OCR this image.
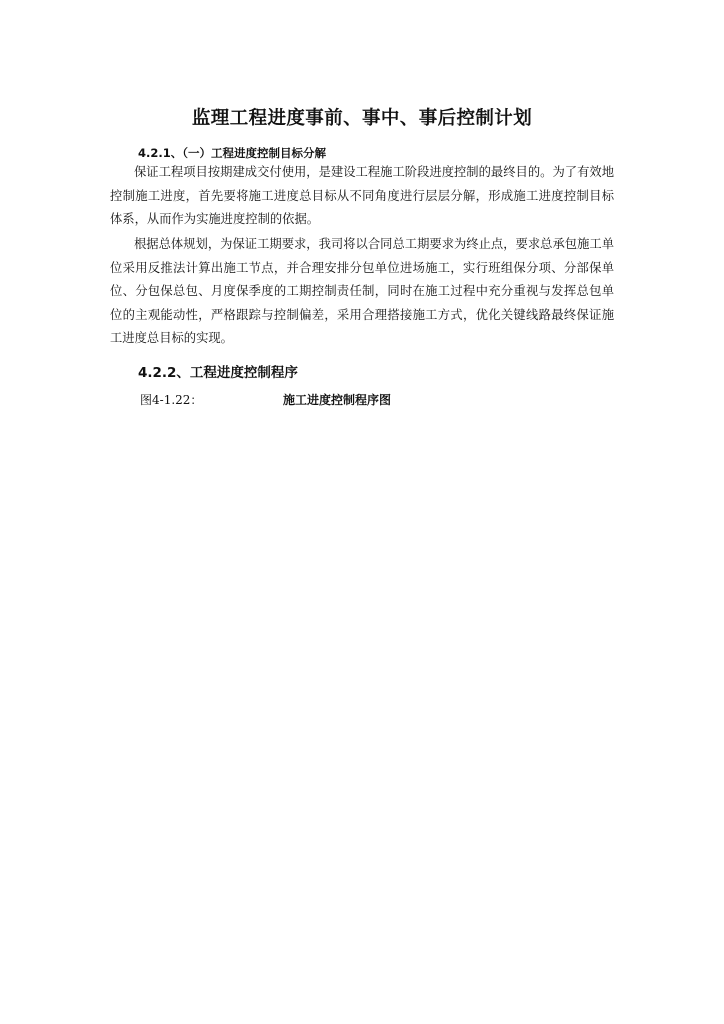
监理工程进度事前、事中、事后控制计划
4.2.1、（一）工程进度控制目标分解

保证工程项目按期建成交付使用，是建设工程施工阶段进度控制的最终目的。为了有效地控制施工进度，首先要将施工进度总目标从不同角度进行层层分解，形成施工进度控制目标体系，从而作为实施进度控制的依据。

根据总体规划，为保证工期要求，我司将以合同总工期要求为终止点，要求总承包施工单位采用反推法计算出施工节点，并合理安排分包单位进场施工，实行班组保分项、分部保单位、分包保总包、月度保季度的工期控制责任制，同时在施工过程中充分重视与发挥总包单位的主观能动性，严格跟踪与控制偏差，采用合理搭接施工方式，优化关键线路最终保证施工进度总目标的实现。

4.2.2、工程进度控制程序
图4-1.22：	施工进度控制程序图
